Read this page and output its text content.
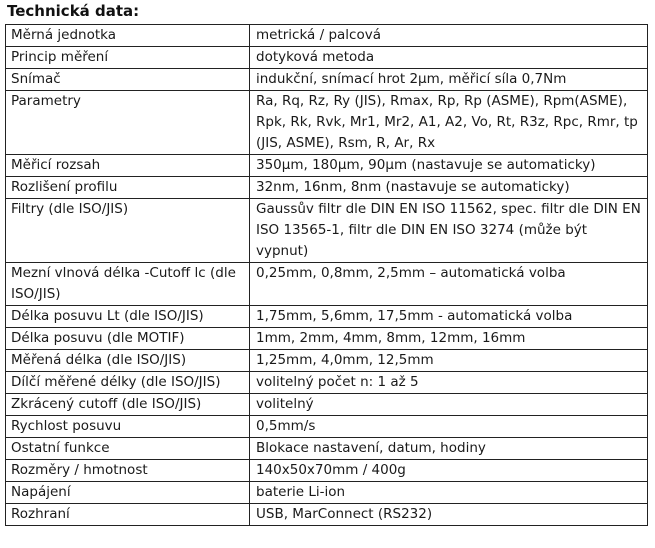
Technická data:
Měrná jednotka	metrická / palcová
Princip měření	dotyková metoda
Snímač	indukční, snímací hrot 2µm, měřicí síla 0,7Nm
Parametry	Ra, Rq, Rz, Ry (JIS), Rmax, Rp, Rp (ASME), Rpm(ASME), Rpk, Rk, Rvk, Mr1, Mr2, A1, A2, Vo, Rt, R3z, Rpc, Rmr, tp (JIS, ASME), Rsm, R, Ar, Rx
Měřicí rozsah	350µm, 180µm, 90µm (nastavuje se automaticky)
Rozlišení profilu	32nm, 16nm, 8nm (nastavuje se automaticky)
Filtry (dle ISO/JIS)	Gaussův filtr dle DIN EN ISO 11562, spec. filtr dle DIN EN ISO 13565-1, filtr dle DIN EN ISO 3274 (může být vypnut)
Mezní vlnová délka -Cutoff lc (dle ISO/JIS)	0,25mm, 0,8mm, 2,5mm – automatická volba
Délka posuvu Lt (dle ISO/JIS)	1,75mm, 5,6mm, 17,5mm - automatická volba
Délka posuvu (dle MOTIF)	1mm, 2mm, 4mm, 8mm, 12mm, 16mm
Měřená délka (dle ISO/JIS)	1,25mm, 4,0mm, 12,5mm
Dílčí měřené délky (dle ISO/JIS)	volitelný počet n: 1 až 5
Zkrácený cutoff (dle ISO/JIS)	volitelný
Rychlost posuvu	0,5mm/s
Ostatní funkce	Blokace nastavení, datum, hodiny
Rozměry / hmotnost	140x50x70mm / 400g
Napájení	baterie Li-ion
Rozhraní	USB, MarConnect (RS232)
